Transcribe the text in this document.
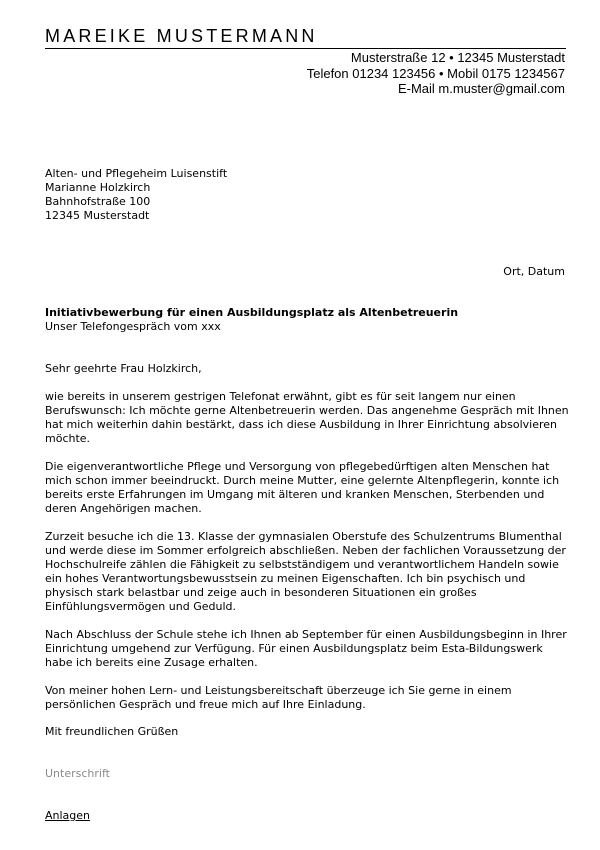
MAREIKE MUSTERMANN
Musterstraße 12 • 12345 Musterstadt
Telefon 01234 123456 • Mobil 0175 1234567
E-Mail m.muster@gmail.com

Alten- und Pflegeheim Luisenstift

Marianne Holzkirch

Bahnhofstraße 100

12345 Musterstadt

Ort, Datum

Initiativbewerbung für einen Ausbildungsplatz als Altenbetreuerin

Unser Telefongespräch vom xxx

Sehr geehrte Frau Holzkirch,
wie bereits in unserem gestrigen Telefonat erwähnt, gibt es für seit langem nur einen Berufswunsch: Ich möchte gerne Altenbetreuerin werden. Das angenehme Gespräch mit Ihnen hat mich weiterhin dahin bestärkt, dass ich diese Ausbildung in Ihrer Einrichtung absolvieren möchte.
Die eigenverantwortliche Pflege und Versorgung von pflegebedürftigen alten Menschen hat mich schon immer beeindruckt. Durch meine Mutter, eine gelernte Altenpflegerin, konnte ich bereits erste Erfahrungen im Umgang mit älteren und kranken Menschen, Sterbenden und deren Angehörigen machen.
Zurzeit besuche ich die 13. Klasse der gymnasialen Oberstufe des Schulzentrums Blumenthal und werde diese im Sommer erfolgreich abschließen. Neben der fachlichen Voraussetzung der Hochschulreife zählen die Fähigkeit zu selbstständigem und verantwortlichem Handeln sowie ein hohes Verantwortungsbewusstsein zu meinen Eigenschaften. Ich bin psychisch und physisch stark belastbar und zeige auch in besonderen Situationen ein großes Einfühlungsvermögen und Geduld.
Nach Abschluss der Schule stehe ich Ihnen ab September für einen Ausbildungsbeginn in Ihrer Einrichtung umgehend zur Verfügung. Für einen Ausbildungsplatz beim Esta-Bildungswerk habe ich bereits eine Zusage erhalten.
Von meiner hohen Lern- und Leistungsbereitschaft überzeuge ich Sie gerne in einem persönlichen Gespräch und freue mich auf Ihre Einladung.
Mit freundlichen Grüßen
Unterschrift
Anlagen
